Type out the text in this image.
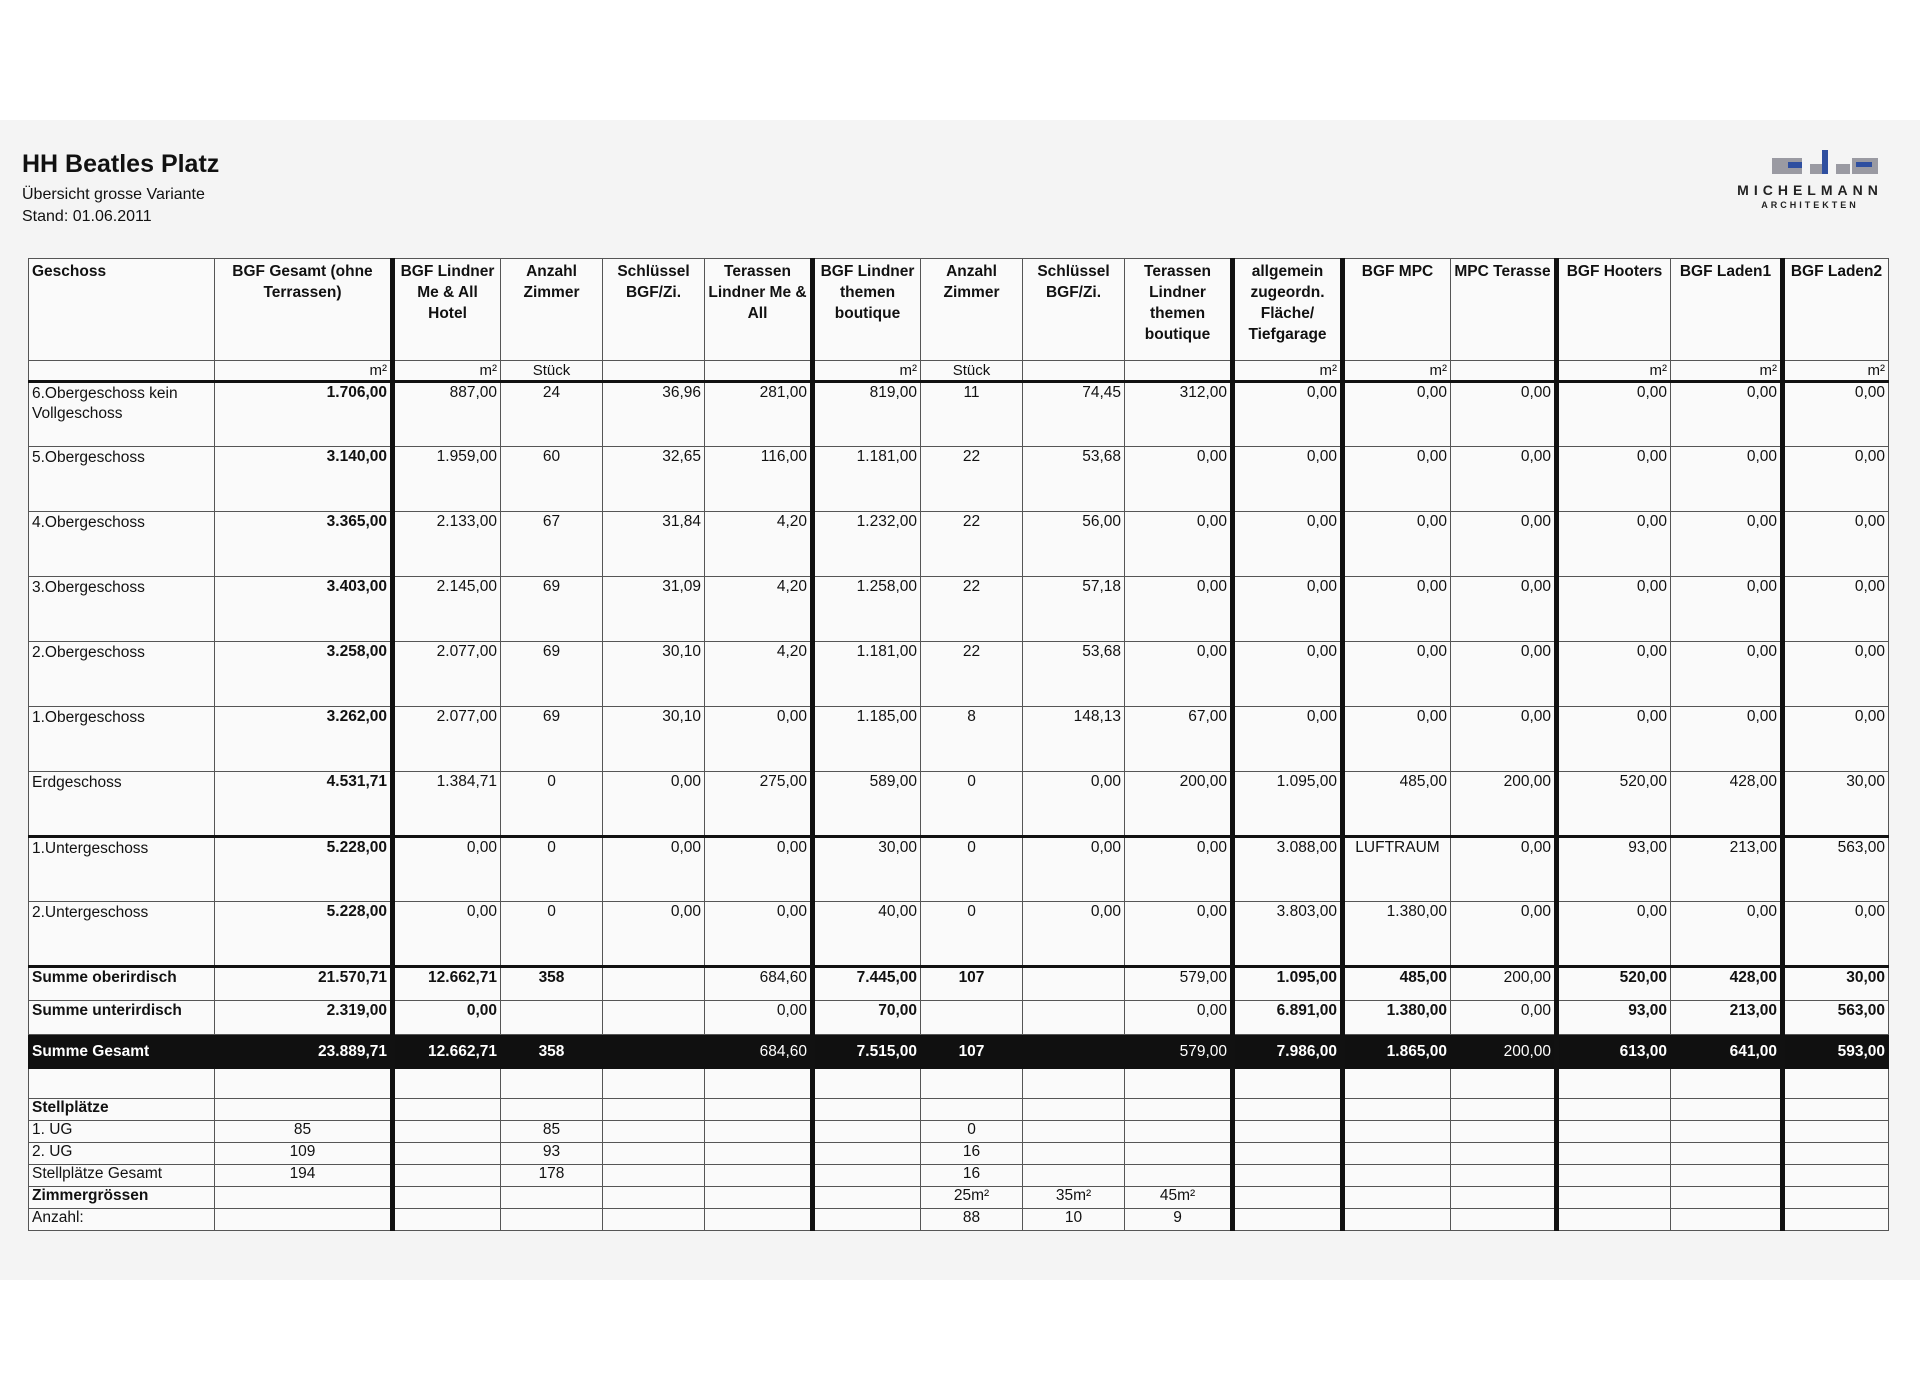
HH Beatles Platz
Übersicht grosse Variante
Stand: 01.06.2011
MICHELMANN
ARCHITEKTEN
Geschoss	BGF Gesamt (ohne Terrassen)	BGF Lindner Me & All Hotel	Anzahl Zimmer	Schlüssel BGF/Zi.	Terassen Lindner Me & All	BGF Lindner themen boutique	Anzahl Zimmer	Schlüssel BGF/Zi.	Terassen Lindner themen boutique	allgemein zugeordn. Fläche/ Tiefgarage	BGF MPC	MPC Terasse	BGF Hooters	BGF Laden1	BGF Laden2
	m²	m²	Stück			m²	Stück			m²	m²		m²	m²	m²
6.Obergeschoss kein Vollgeschoss	1.706,00	887,00	24	36,96	281,00	819,00	11	74,45	312,00	0,00	0,00	0,00	0,00	0,00	0,00
5.Obergeschoss	3.140,00	1.959,00	60	32,65	116,00	1.181,00	22	53,68	0,00	0,00	0,00	0,00	0,00	0,00	0,00
4.Obergeschoss	3.365,00	2.133,00	67	31,84	4,20	1.232,00	22	56,00	0,00	0,00	0,00	0,00	0,00	0,00	0,00
3.Obergeschoss	3.403,00	2.145,00	69	31,09	4,20	1.258,00	22	57,18	0,00	0,00	0,00	0,00	0,00	0,00	0,00
2.Obergeschoss	3.258,00	2.077,00	69	30,10	4,20	1.181,00	22	53,68	0,00	0,00	0,00	0,00	0,00	0,00	0,00
1.Obergeschoss	3.262,00	2.077,00	69	30,10	0,00	1.185,00	8	148,13	67,00	0,00	0,00	0,00	0,00	0,00	0,00
Erdgeschoss	4.531,71	1.384,71	0	0,00	275,00	589,00	0	0,00	200,00	1.095,00	485,00	200,00	520,00	428,00	30,00
1.Untergeschoss	5.228,00	0,00	0	0,00	0,00	30,00	0	0,00	0,00	3.088,00	LUFTRAUM	0,00	93,00	213,00	563,00
2.Untergeschoss	5.228,00	0,00	0	0,00	0,00	40,00	0	0,00	0,00	3.803,00	1.380,00	0,00	0,00	0,00	0,00
Summe oberirdisch	21.570,71	12.662,71	358		684,60	7.445,00	107		579,00	1.095,00	485,00	200,00	520,00	428,00	30,00
Summe unterirdisch	2.319,00	0,00			0,00	70,00			0,00	6.891,00	1.380,00	0,00	93,00	213,00	563,00
Summe Gesamt	23.889,71	12.662,71	358		684,60	7.515,00	107		579,00	7.986,00	1.865,00	200,00	613,00	641,00	593,00

Stellplätze															
1. UG	85		85				0								
2. UG	109		93				16								
Stellplätze Gesamt	194		178				16								
Zimmergrössen							25m²	35m²	45m²						
Anzahl:							88	10	9						
